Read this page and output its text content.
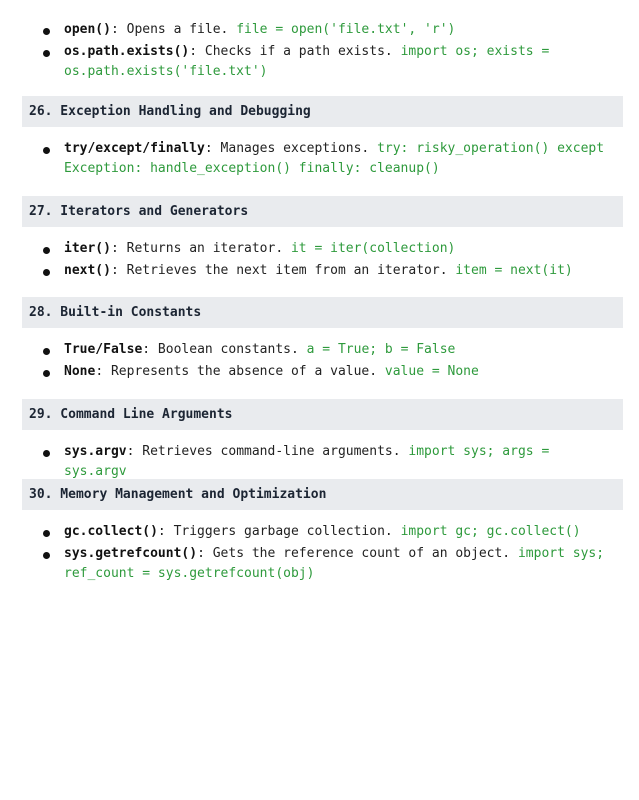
open(): Opens a file. file = open('file.txt', 'r')
os.path.exists(): Checks if a path exists. import os; exists = os.path.exists('file.txt')
26. Exception Handling and Debugging
try/except/finally: Manages exceptions. try: risky_operation() except Exception: handle_exception() finally: cleanup()
27. Iterators and Generators
iter(): Returns an iterator. it = iter(collection)
next(): Retrieves the next item from an iterator. item = next(it)
28. Built-in Constants
True/False: Boolean constants. a = True; b = False
None: Represents the absence of a value. value = None
29. Command Line Arguments
sys.argv: Retrieves command-line arguments. import sys; args = sys.argv
30. Memory Management and Optimization
gc.collect(): Triggers garbage collection. import gc; gc.collect()
sys.getrefcount(): Gets the reference count of an object. import sys; ref_count = sys.getrefcount(obj)
